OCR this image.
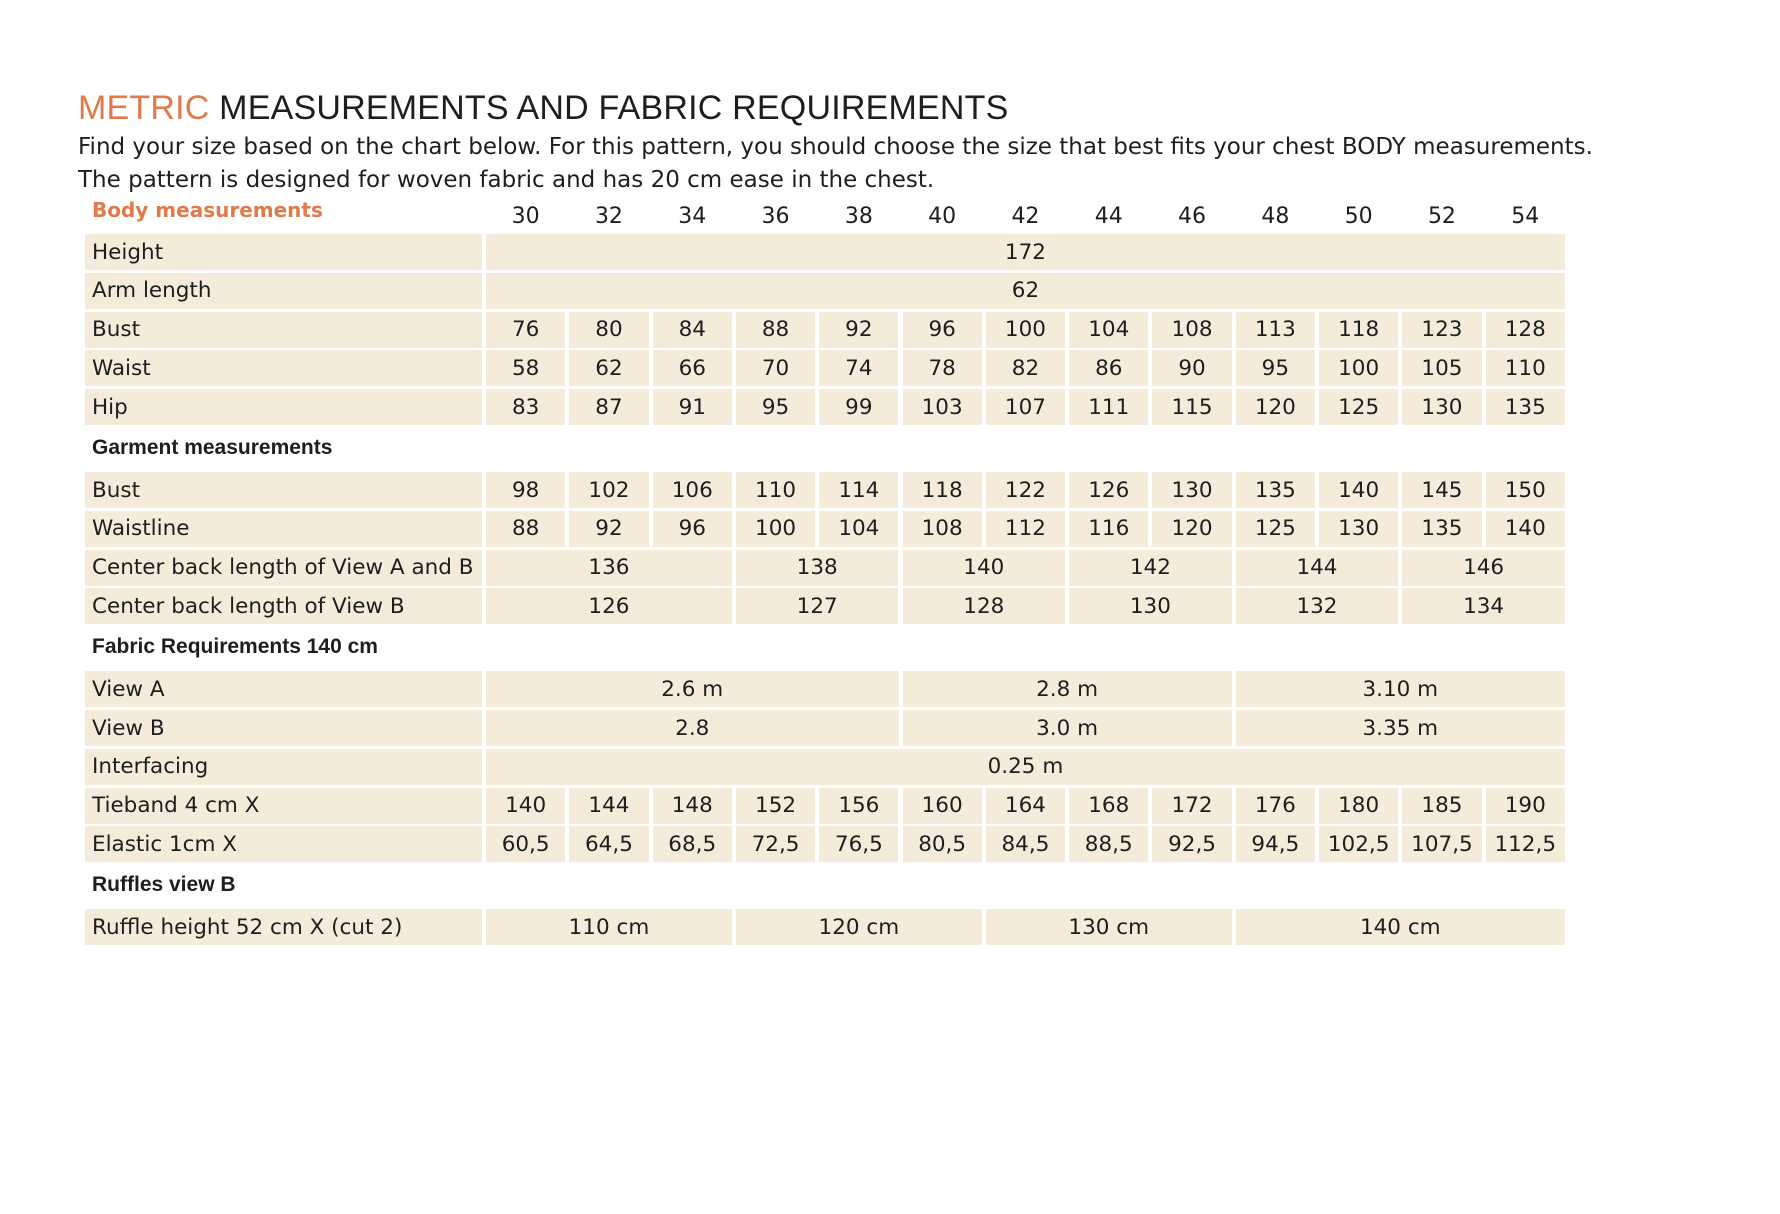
METRIC MEASUREMENTS AND FABRIC REQUIREMENTS
Find your size based on the chart below. For this pattern, you should choose the size that best fits your chest BODY measurements.
The pattern is designed for woven fabric and has 20 cm ease in the chest.
Body measurements	30	32	34	36	38	40	42	44	46	48	50	52	54
Height	172
Arm length	62
Bust	76	80	84	88	92	96	100	104	108	113	118	123	128
Waist	58	62	66	70	74	78	82	86	90	95	100	105	110
Hip	83	87	91	95	99	103	107	111	115	120	125	130	135
Garment measurements
Bust	98	102	106	110	114	118	122	126	130	135	140	145	150
Waistline	88	92	96	100	104	108	112	116	120	125	130	135	140
Center back length of View A and B	136	138	140	142	144	146
Center back length of View B	126	127	128	130	132	134
Fabric Requirements 140 cm
View A	2.6 m	2.8 m	3.10 m
View B	2.8	3.0 m	3.35 m
Interfacing	0.25 m
Tieband 4 cm X	140	144	148	152	156	160	164	168	172	176	180	185	190
Elastic 1cm X	60,5	64,5	68,5	72,5	76,5	80,5	84,5	88,5	92,5	94,5	102,5	107,5	112,5
Ruffles view B
Ruffle height 52 cm X (cut 2)	110 cm	120 cm	130 cm	140 cm
